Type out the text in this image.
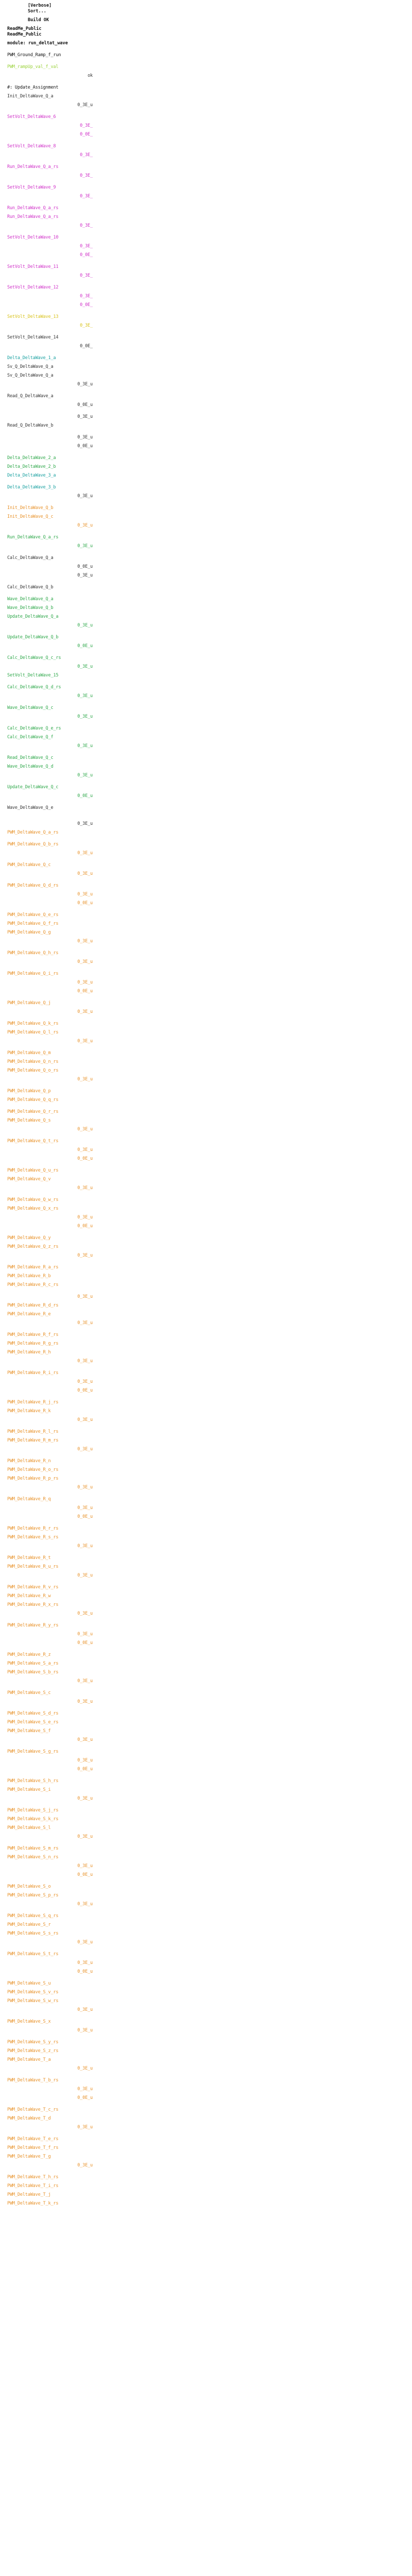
[Verbose]
Sort...
Build OK
ReadMe_Public
ReadMe_Public
module: run_deltat_wave
PWM_Ground_Ramp_f_run
PWM_rampUp_val_f_val
ok
#: Update_Assignment
Init_DeltaWave_Q_a
0_3E_u
SetVolt_DeltaWave_6
0_3E_
0_0E_
SetVolt_DeltaWave_8
0_3E_
Run_DeltaWave_Q_a_rs
0_3E_
SetVolt_DeltaWave_9
0_3E_
Run_DeltaWave_Q_a_rs
Run_DeltaWave_Q_a_rs
0_3E_
SetVolt_DeltaWave_10
0_3E_
0_0E_
SetVolt_DeltaWave_11
0_3E_
SetVolt_DeltaWave_12
0_3E_
0_0E_
SetVolt_DeltaWave_13
0_3E_
SetVolt_DeltaWave_14
0_0E_
Delta_DeltaWave_1_a
Sv_Q_DeltaWave_Q_a
Sv_Q_DeltaWave_Q_a
0_3E_u
Read_Q_DeltaWave_a
0_0E_u
0_3E_u
Read_Q_DeltaWave_b
0_3E_u
0_0E_u
Delta_DeltaWave_2_a
Delta_DeltaWave_2_b
Delta_DeltaWave_3_a
Delta_DeltaWave_3_b
0_3E_u
Init_DeltaWave_Q_b
Init_DeltaWave_Q_c
0_3E_u
Run_DeltaWave_Q_a_rs
0_3E_u
Calc_DeltaWave_Q_a
0_0E_u
0_3E_u
Calc_DeltaWave_Q_b
Wave_DeltaWave_Q_a
Wave_DeltaWave_Q_b
Update_DeltaWave_Q_a
0_3E_u
Update_DeltaWave_Q_b
0_0E_u
Calc_DeltaWave_Q_c_rs
0_3E_u
SetVolt_DeltaWave_15
Calc_DeltaWave_Q_d_rs
0_3E_u
Wave_DeltaWave_Q_c
0_3E_u
Calc_DeltaWave_Q_e_rs
Calc_DeltaWave_Q_f
0_3E_u
Read_DeltaWave_Q_c
Wave_DeltaWave_Q_d
0_3E_u
Update_DeltaWave_Q_c
0_0E_u
Wave_DeltaWave_Q_e
0_3E_u
PWM_DeltaWave_Q_a_rs
PWM_DeltaWave_Q_b_rs
0_3E_u
PWM_DeltaWave_Q_c
0_3E_u
PWM_DeltaWave_Q_d_rs
0_3E_u
0_0E_u
PWM_DeltaWave_Q_e_rs
PWM_DeltaWave_Q_f_rs
PWM_DeltaWave_Q_g
0_3E_u
PWM_DeltaWave_Q_h_rs
0_3E_u
PWM_DeltaWave_Q_i_rs
0_3E_u
0_0E_u
PWM_DeltaWave_Q_j
0_3E_u
PWM_DeltaWave_Q_k_rs
PWM_DeltaWave_Q_l_rs
0_3E_u
PWM_DeltaWave_Q_m
PWM_DeltaWave_Q_n_rs
PWM_DeltaWave_Q_o_rs
0_3E_u
PWM_DeltaWave_Q_p
PWM_DeltaWave_Q_q_rs
PWM_DeltaWave_Q_r_rs
PWM_DeltaWave_Q_s
0_3E_u
PWM_DeltaWave_Q_t_rs
0_3E_u
0_0E_u
PWM_DeltaWave_Q_u_rs
PWM_DeltaWave_Q_v
0_3E_u
PWM_DeltaWave_Q_w_rs
PWM_DeltaWave_Q_x_rs
0_3E_u
0_0E_u
PWM_DeltaWave_Q_y
PWM_DeltaWave_Q_z_rs
0_3E_u
PWM_DeltaWave_R_a_rs
PWM_DeltaWave_R_b
PWM_DeltaWave_R_c_rs
0_3E_u
PWM_DeltaWave_R_d_rs
PWM_DeltaWave_R_e
0_3E_u
PWM_DeltaWave_R_f_rs
PWM_DeltaWave_R_g_rs
PWM_DeltaWave_R_h
0_3E_u
PWM_DeltaWave_R_i_rs
0_3E_u
0_0E_u
PWM_DeltaWave_R_j_rs
PWM_DeltaWave_R_k
0_3E_u
PWM_DeltaWave_R_l_rs
PWM_DeltaWave_R_m_rs
0_3E_u
PWM_DeltaWave_R_n
PWM_DeltaWave_R_o_rs
PWM_DeltaWave_R_p_rs
0_3E_u
PWM_DeltaWave_R_q
0_3E_u
0_0E_u
PWM_DeltaWave_R_r_rs
PWM_DeltaWave_R_s_rs
0_3E_u
PWM_DeltaWave_R_t
PWM_DeltaWave_R_u_rs
0_3E_u
PWM_DeltaWave_R_v_rs
PWM_DeltaWave_R_w
PWM_DeltaWave_R_x_rs
0_3E_u
PWM_DeltaWave_R_y_rs
0_3E_u
0_0E_u
PWM_DeltaWave_R_z
PWM_DeltaWave_S_a_rs
PWM_DeltaWave_S_b_rs
0_3E_u
PWM_DeltaWave_S_c
0_3E_u
PWM_DeltaWave_S_d_rs
PWM_DeltaWave_S_e_rs
PWM_DeltaWave_S_f
0_3E_u
PWM_DeltaWave_S_g_rs
0_3E_u
0_0E_u
PWM_DeltaWave_S_h_rs
PWM_DeltaWave_S_i
0_3E_u
PWM_DeltaWave_S_j_rs
PWM_DeltaWave_S_k_rs
PWM_DeltaWave_S_l
0_3E_u
PWM_DeltaWave_S_m_rs
PWM_DeltaWave_S_n_rs
0_3E_u
0_0E_u
PWM_DeltaWave_S_o
PWM_DeltaWave_S_p_rs
0_3E_u
PWM_DeltaWave_S_q_rs
PWM_DeltaWave_S_r
PWM_DeltaWave_S_s_rs
0_3E_u
PWM_DeltaWave_S_t_rs
0_3E_u
0_0E_u
PWM_DeltaWave_S_u
PWM_DeltaWave_S_v_rs
PWM_DeltaWave_S_w_rs
0_3E_u
PWM_DeltaWave_S_x
0_3E_u
PWM_DeltaWave_S_y_rs
PWM_DeltaWave_S_z_rs
PWM_DeltaWave_T_a
0_3E_u
PWM_DeltaWave_T_b_rs
0_3E_u
0_0E_u
PWM_DeltaWave_T_c_rs
PWM_DeltaWave_T_d
0_3E_u
PWM_DeltaWave_T_e_rs
PWM_DeltaWave_T_f_rs
PWM_DeltaWave_T_g
0_3E_u
PWM_DeltaWave_T_h_rs
PWM_DeltaWave_T_i_rs
PWM_DeltaWave_T_j
PWM_DeltaWave_T_k_rs
